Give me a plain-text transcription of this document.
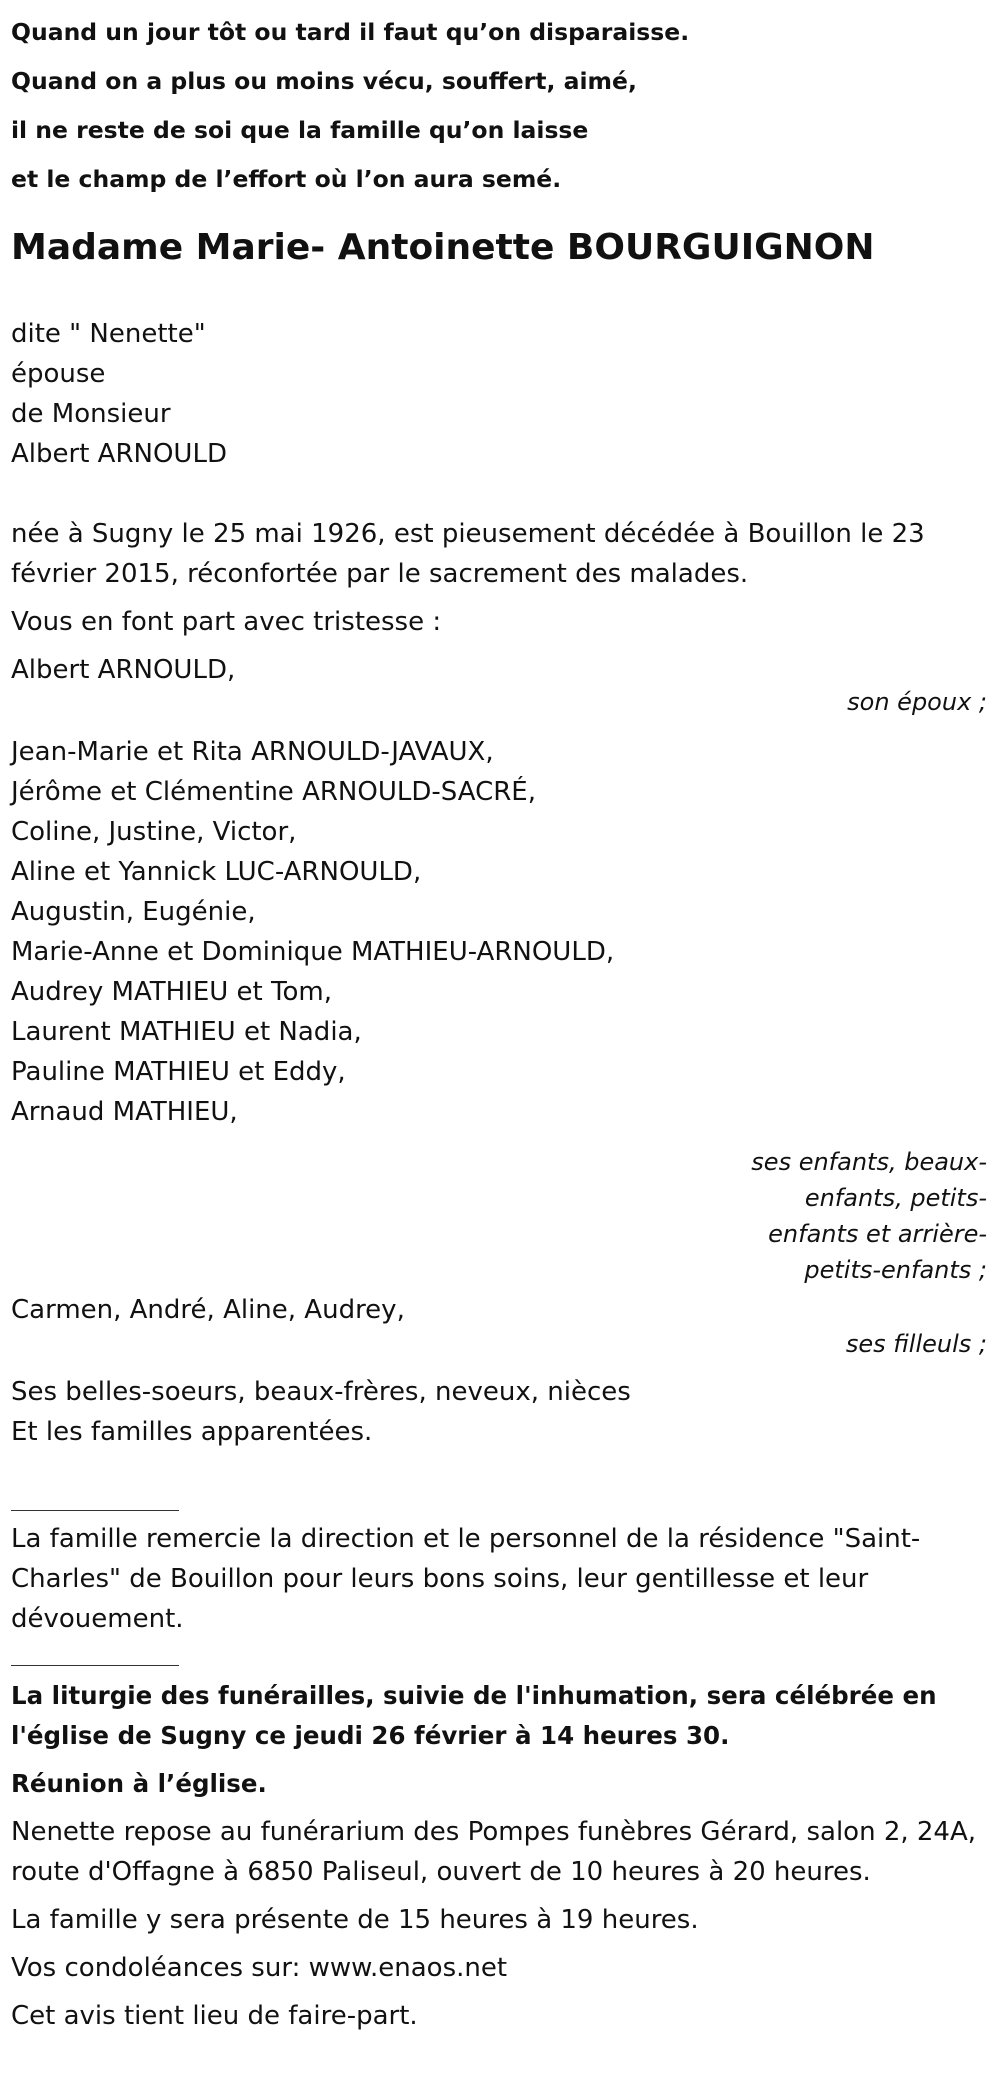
Quand un jour tôt ou tard il faut qu’on disparaisse.
Quand on a plus ou moins vécu, souffert, aimé,
il ne reste de soi que la famille qu’on laisse
et le champ de l’effort où l’on aura semé.
Madame Marie- Antoinette BOURGUIGNON
dite " Nenette"
épouse
de Monsieur
Albert ARNOULD
née à Sugny le 25 mai 1926, est pieusement décédée à Bouillon le 23 février 2015, réconfortée par le sacrement des malades.
Vous en font part avec tristesse :
Albert ARNOULD,
son époux ;
Jean-Marie et Rita ARNOULD-JAVAUX,
Jérôme et Clémentine ARNOULD-SACRÉ,
Coline, Justine, Victor,
Aline et Yannick LUC-ARNOULD,
Augustin, Eugénie,
Marie-Anne et Dominique MATHIEU-ARNOULD,
Audrey MATHIEU et Tom,
Laurent MATHIEU et Nadia,
Pauline MATHIEU et Eddy,
Arnaud MATHIEU,
ses enfants, beaux-enfants, petits-enfants et arrière-petits-enfants ;
Carmen, André, Aline, Audrey,
ses filleuls ;
Ses belles-soeurs, beaux-frères, neveux, nièces
Et les familles apparentées.
La famille remercie la direction et le personnel de la résidence "Saint-Charles" de Bouillon pour leurs bons soins, leur gentillesse et leur dévouement.
La liturgie des funérailles, suivie de l'inhumation, sera célébrée en l'église de Sugny ce jeudi 26 février à 14 heures 30.
Réunion à l’église.
Nenette repose au funérarium des Pompes funèbres Gérard, salon 2, 24A, route d'Offagne à 6850 Paliseul, ouvert de 10 heures à 20 heures.
La famille y sera présente de 15 heures à 19 heures.
Vos condoléances sur: www.enaos.net
Cet avis tient lieu de faire-part.
